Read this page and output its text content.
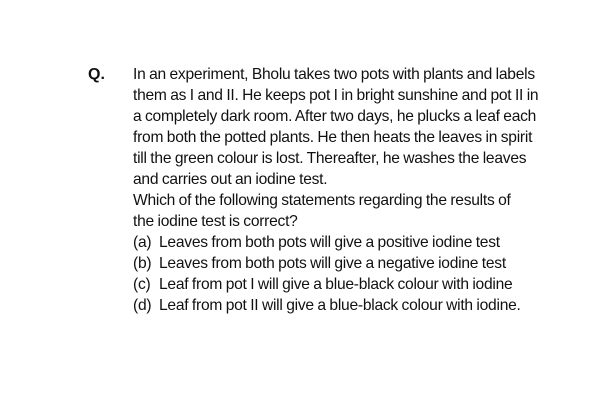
Q. In an experiment, Bholu takes two pots with plants and labels
them as I and II. He keeps pot I in bright sunshine and pot II in
a completely dark room. After two days, he plucks a leaf each
from both the potted plants. He then heats the leaves in spirit
till the green colour is lost. Thereafter, he washes the leaves
and carries out an iodine test.
Which of the following statements regarding the results of
the iodine test is correct?
(a) Leaves from both pots will give a positive iodine test
(b) Leaves from both pots will give a negative iodine test
(c) Leaf from pot I will give a blue-black colour with iodine
(d) Leaf from pot II will give a blue-black colour with iodine.
